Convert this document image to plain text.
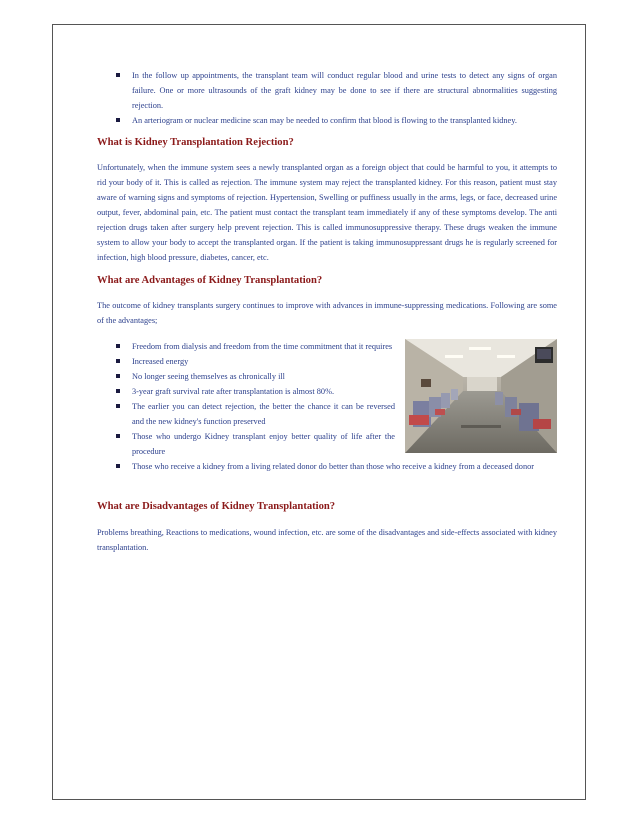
In the follow up appointments, the transplant team will conduct regular blood and urine tests to detect any signs of organ failure. One or more ultrasounds of the graft kidney may be done to see if there are structural abnormalities suggesting rejection.
An arteriogram or nuclear medicine scan may be needed to confirm that blood is flowing to the transplanted kidney.
What is Kidney Transplantation Rejection?

Unfortunately, when the immune system sees a newly transplanted organ as a foreign object that could be harmful to you, it attempts to rid your body of it. This is called as rejection. The immune system may reject the transplanted kidney. For this reason, patient must stay aware of warning signs and symptoms of rejection. Hypertension, Swelling or puffiness usually in the arms, legs, or face, decreased urine output, fever, abdominal pain, etc. The patient must contact the transplant team immediately if any of these symptoms develop. The anti rejection drugs taken after surgery help prevent rejection. This is called immunosuppressive therapy. These drugs weaken the immune system to allow your body to accept the transplanted organ. If the patient is taking immunosuppressant drugs he is regularly screened for infection, high blood pressure, diabetes, cancer, etc.

What are Advantages of Kidney Transplantation?

The outcome of kidney transplants surgery continues to improve with advances in immune-suppressing medications. Following are some of the advantages;

Freedom from dialysis and freedom from the time commitment that it requires
Increased energy
No longer seeing themselves as chronically ill
3-year graft survival rate after transplantation is almost 80%.
The earlier you can detect rejection, the better the chance it can be reversed and the new kidney's function preserved
Those who undergo Kidney transplant enjoy better quality of life after the procedure
Those who receive a kidney from a living related donor do better than those who receive a kidney from a deceased donor
What are Disadvantages of Kidney Transplantation?

Problems breathing, Reactions to medications, wound infection, etc. are some of the disadvantages and side-effects associated with kidney transplantation.
